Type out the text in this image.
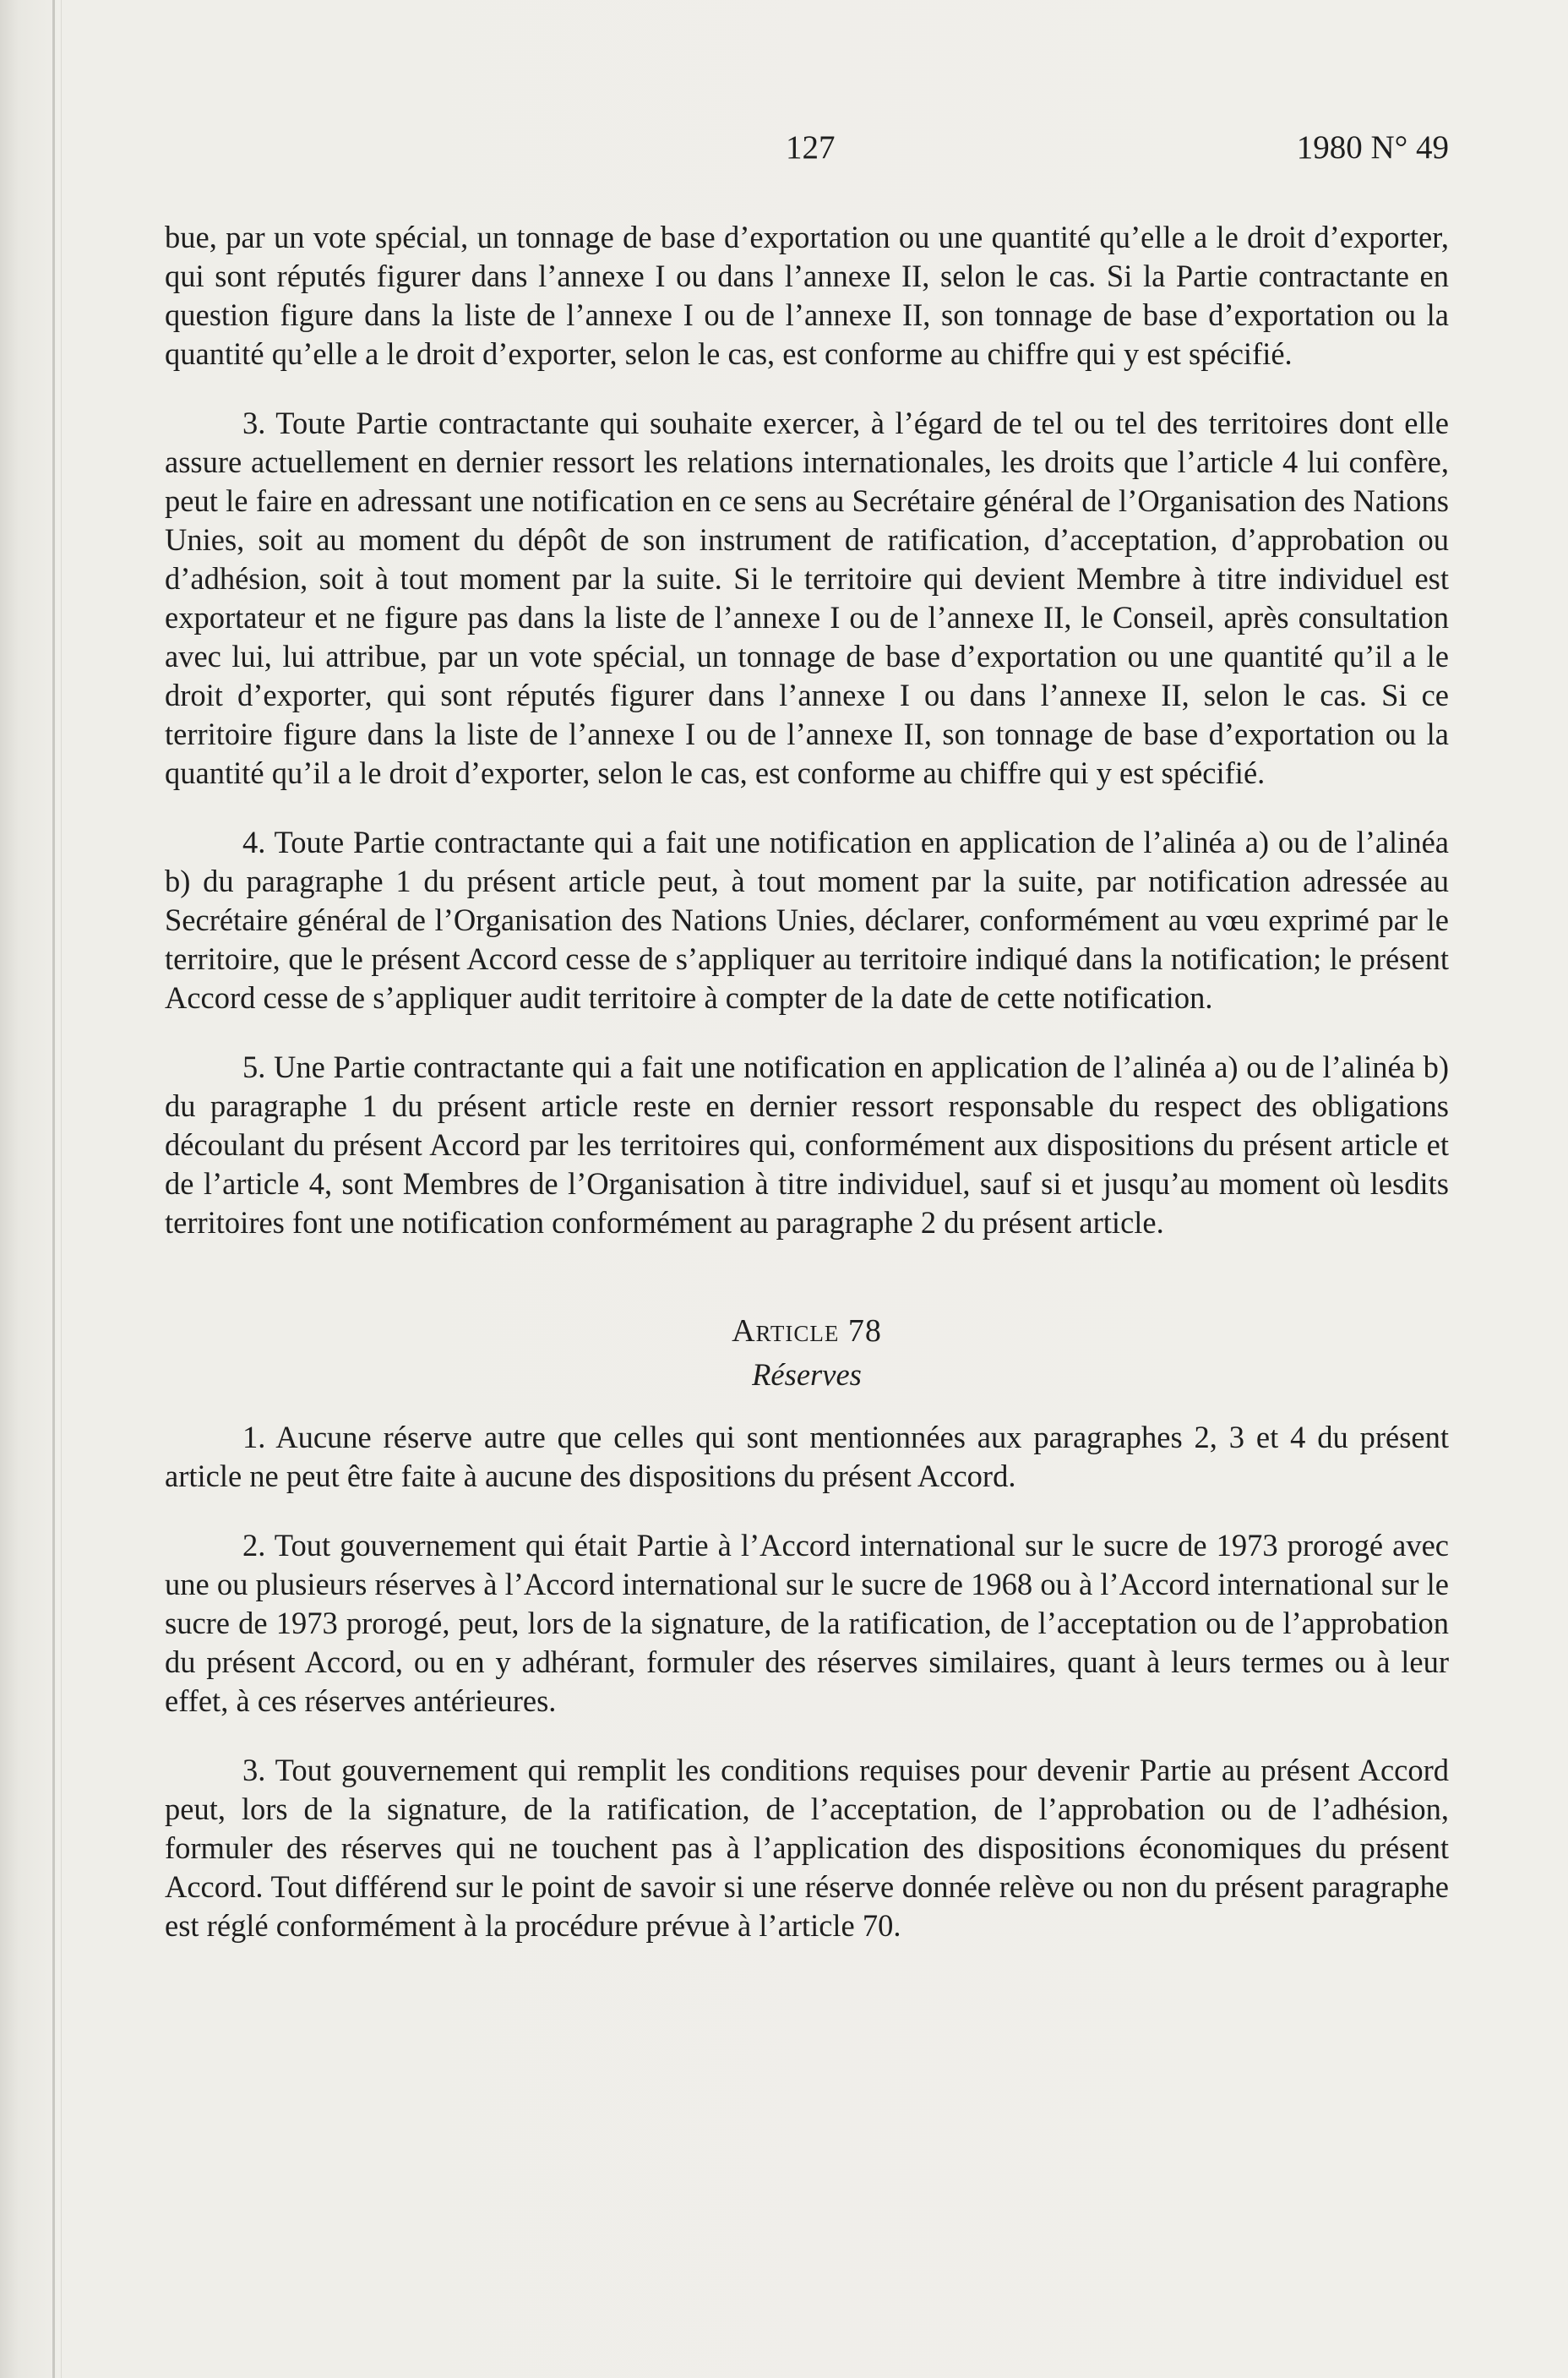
127	1980 N° 49

bue, par un vote spécial, un tonnage de base d’exportation ou une quantité qu’elle a le droit d’exporter, qui sont réputés figurer dans l’annexe I ou dans l’annexe II, selon le cas. Si la Partie contractante en question figure dans la liste de l’annexe I ou de l’annexe II, son tonnage de base d’exportation ou la quantité qu’elle a le droit d’exporter, selon le cas, est conforme au chiffre qui y est spécifié.

3. Toute Partie contractante qui souhaite exercer, à l’égard de tel ou tel des territoires dont elle assure actuellement en dernier ressort les relations internationales, les droits que l’article 4 lui confère, peut le faire en adressant une notification en ce sens au Secrétaire général de l’Organisation des Nations Unies, soit au moment du dépôt de son instrument de ratification, d’acceptation, d’approbation ou d’adhésion, soit à tout moment par la suite. Si le territoire qui devient Membre à titre individuel est exportateur et ne figure pas dans la liste de l’annexe I ou de l’annexe II, le Conseil, après consultation avec lui, lui attribue, par un vote spécial, un tonnage de base d’exportation ou une quantité qu’il a le droit d’exporter, qui sont réputés figurer dans l’annexe I ou dans l’annexe II, selon le cas. Si ce territoire figure dans la liste de l’annexe I ou de l’annexe II, son tonnage de base d’exportation ou la quantité qu’il a le droit d’exporter, selon le cas, est conforme au chiffre qui y est spécifié.

4. Toute Partie contractante qui a fait une notification en application de l’alinéa a) ou de l’alinéa b) du paragraphe 1 du présent article peut, à tout moment par la suite, par notification adressée au Secrétaire général de l’Organisation des Nations Unies, déclarer, conformément au vœu exprimé par le territoire, que le présent Accord cesse de s’appliquer au territoire indiqué dans la notification; le présent Accord cesse de s’appliquer audit territoire à compter de la date de cette notification.

5. Une Partie contractante qui a fait une notification en application de l’alinéa a) ou de l’alinéa b) du paragraphe 1 du présent article reste en dernier ressort responsable du respect des obligations découlant du présent Accord par les territoires qui, conformément aux dispositions du présent article et de l’article 4, sont Membres de l’Organisation à titre individuel, sauf si et jusqu’au moment où lesdits territoires font une notification conformément au paragraphe 2 du présent article.

Article 78
Réserves

1. Aucune réserve autre que celles qui sont mentionnées aux paragraphes 2, 3 et 4 du présent article ne peut être faite à aucune des dispositions du présent Accord.

2. Tout gouvernement qui était Partie à l’Accord international sur le sucre de 1973 prorogé avec une ou plusieurs réserves à l’Accord international sur le sucre de 1968 ou à l’Accord international sur le sucre de 1973 prorogé, peut, lors de la signature, de la ratification, de l’acceptation ou de l’approbation du présent Accord, ou en y adhérant, formuler des réserves similaires, quant à leurs termes ou à leur effet, à ces réserves antérieures.

3. Tout gouvernement qui remplit les conditions requises pour devenir Partie au présent Accord peut, lors de la signature, de la ratification, de l’acceptation, de l’approbation ou de l’adhésion, formuler des réserves qui ne touchent pas à l’application des dispositions économiques du présent Accord. Tout différend sur le point de savoir si une réserve donnée relève ou non du présent paragraphe est réglé conformément à la procédure prévue à l’article 70.
